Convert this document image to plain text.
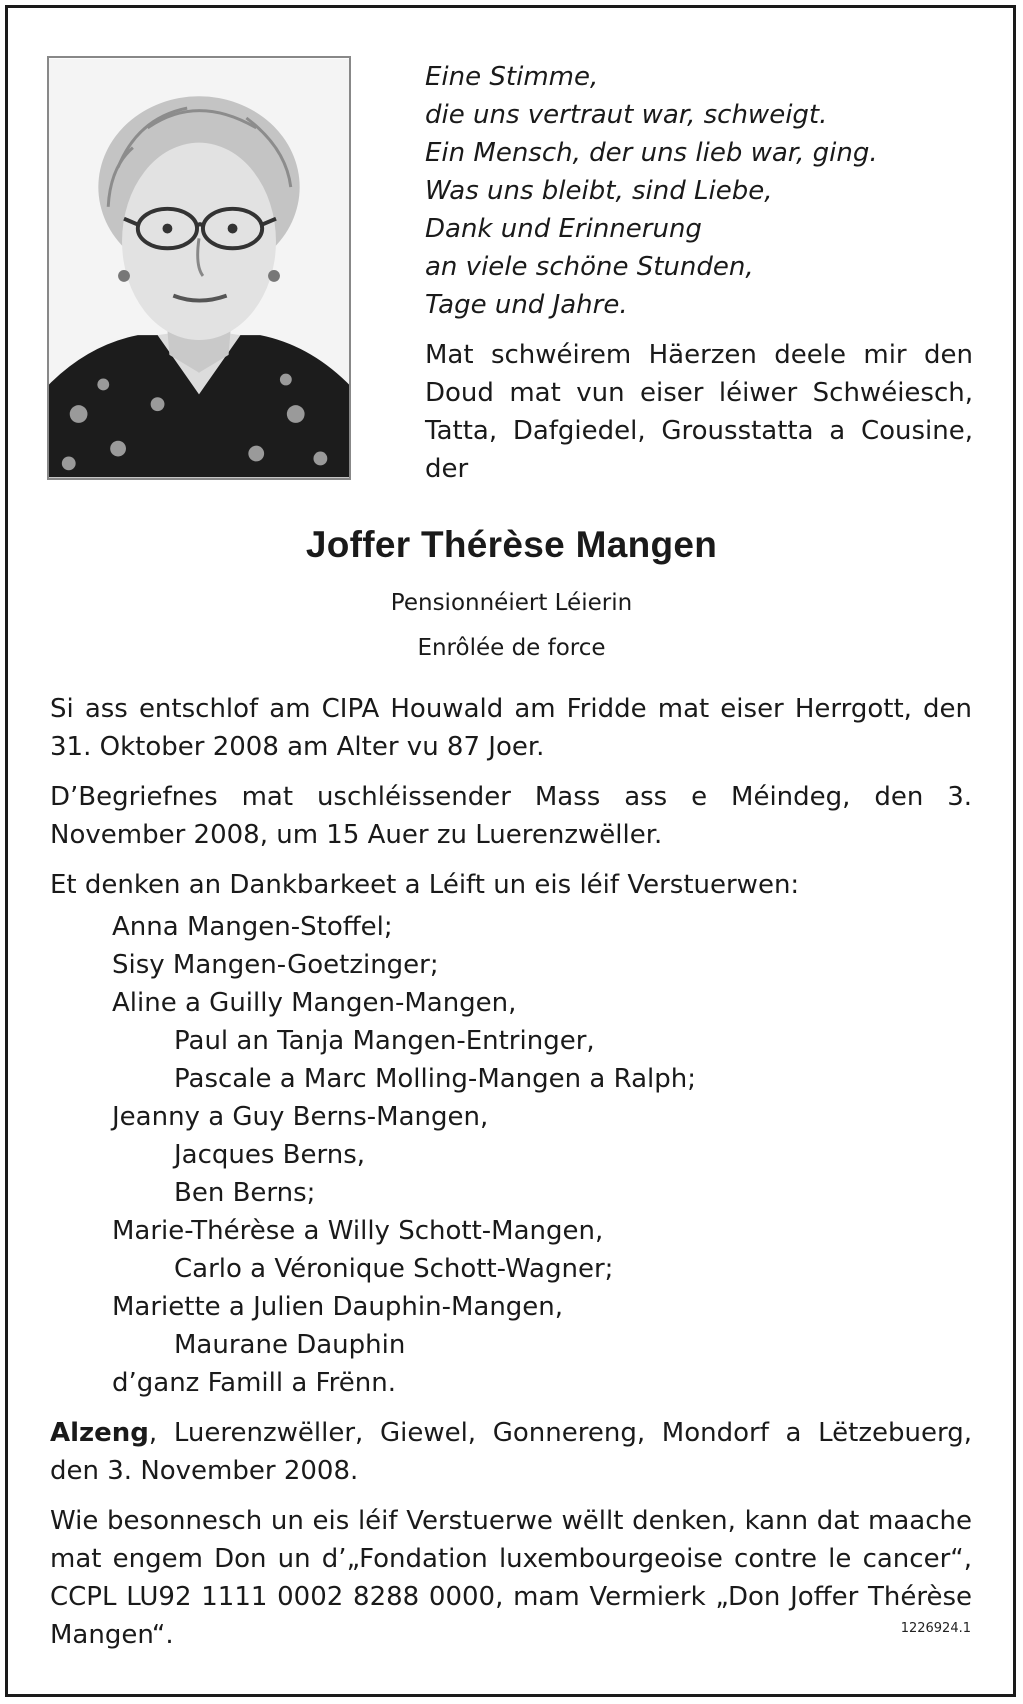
Eine Stimme,
die uns vertraut war, schweigt.
Ein Mensch, der uns lieb war, ging.
Was uns bleibt, sind Liebe,
Dank und Erinnerung
an viele schöne Stunden,
Tage und Jahre.
Mat schwéirem Häerzen deele mir den Doud mat vun eiser léiwer Schwéiesch, Tatta, Dafgiedel, Grousstatta a Cousine, der
Joffer Thérèse Mangen
Pensionnéiert Léierin
Enrôlée de force
Si ass entschlof am CIPA Houwald am Fridde mat eiser Herrgott, den 31. Oktober 2008 am Alter vu 87 Joer.
D’Begriefnes mat uschléissender Mass ass e Méindeg, den 3. November 2008, um 15 Auer zu Luerenzwëller.
Et denken an Dankbarkeet a Léift un eis léif Verstuerwen:
Anna Mangen-Stoffel;
Sisy Mangen-Goetzinger;
Aline a Guilly Mangen-Mangen,
Paul an Tanja Mangen-Entringer,
Pascale a Marc Molling-Mangen a Ralph;
Jeanny a Guy Berns-Mangen,
Jacques Berns,
Ben Berns;
Marie-Thérèse a Willy Schott-Mangen,
Carlo a Véronique Schott-Wagner;
Mariette a Julien Dauphin-Mangen,
Maurane Dauphin
d’ganz Famill a Frënn.
Alzeng, Luerenzwëller, Giewel, Gonnereng, Mondorf a Lëtzebuerg, den 3. November 2008.
Wie besonnesch un eis léif Verstuerwe wëllt denken, kann dat maache mat engem Don un d’„Fondation luxembourgeoise contre le cancer“, CCPL LU92 1111 0002 8288 0000, mam Vermierk „Don Joffer Thérèse Mangen“.	1226924.1
